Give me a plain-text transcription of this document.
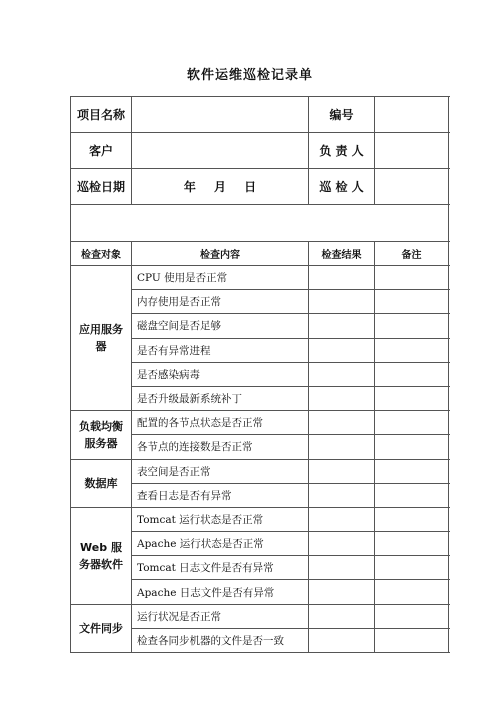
软件运维巡检记录单
项目名称		编号	
客户		负 责 人	
巡检日期	年 月 日	巡 检 人	

检查对象	检查内容	检查结果	备注
应用服务器	CPU 使用是否正常		
	内存使用是否正常		
	磁盘空间是否足够		
	是否有异常进程		
	是否感染病毒		
	是否升级最新系统补丁		
负载均衡服务器	配置的各节点状态是否正常		
	各节点的连接数是否正常		
数据库	表空间是否正常		
	查看日志是否有异常		
Web 服务器软件	Tomcat 运行状态是否正常		
	Apache 运行状态是否正常		
	Tomcat 日志文件是否有异常		
	Apache 日志文件是否有异常		
文件同步	运行状况是否正常		
	检查各同步机器的文件是否一致		
